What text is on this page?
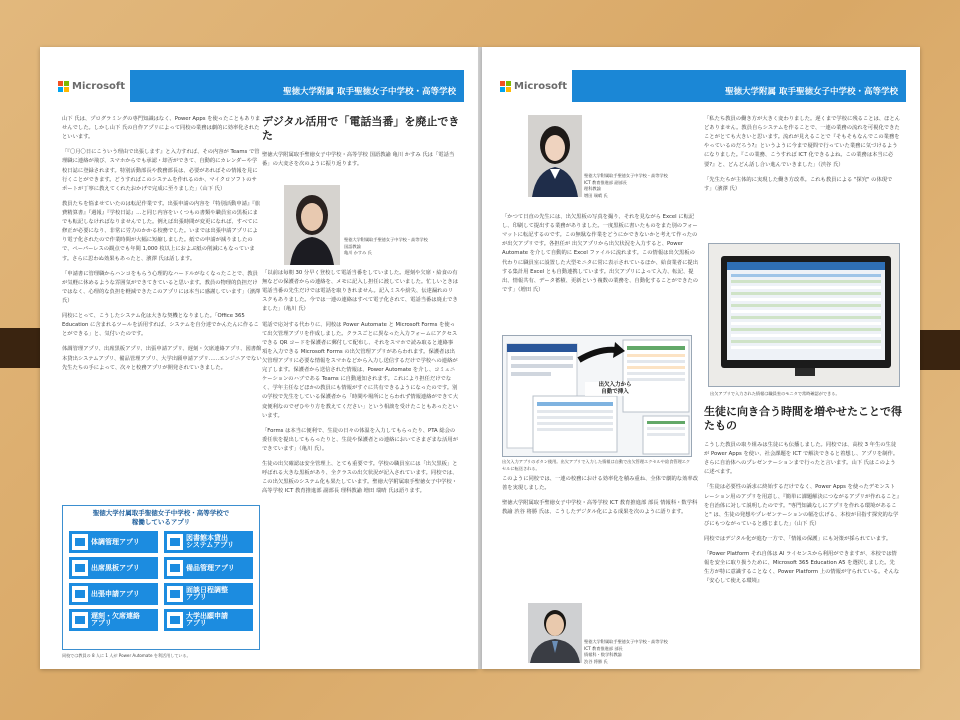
Microsoft
聖徳大学附属 取手聖徳女子中学校・高等学校

山下 氏は、プログラミングの専門知識はなく、Power Apps を使ったこともありませんでした。しかし山下 氏の自作アプリによって同校の業務は劇的に効率化されたといいます。

「『〇月〇日にこういう理由で出張します』と入力すれば、その内容が Teams で管理職に連絡が飛び、スマホからでも承認・却否ができて、自動的にカレンダーや学校日誌に登録されます。特別活動部長や教務部長は、必要があればその情報を見に行くことができます。どうすればこのシステムを作れるのか、マイクロソフトのサポートが丁寧に教えてくれたおかげで完成に至りました」（山下 氏）

教員たちを悩ませていたのは転記作業です。出張申請の内容を『特別活動申請』『旅費精算書』『週報』『学校日誌』…と同じ内容をいくつもの書類や職員室の黒板にまでも転記しなければなりませんでした。例えば出張時間が変更になれば、すべてに修正が必要になり、非常に労力のかかる校務でした。いまでは出張申請アプリにより電子化されたので作業時間が大幅に短縮しました。紙での申請が減りましたので、ペーパーレスの観点でも年間 1,000 枚以上におよぶ紙の削減にもなっています。さらに思わぬ効果もあったと、濱澤 氏は話します。

「申請書に管理職からハンコをもらう心理的なハードルがなくなったことで、教員が気軽に休めるような雰囲気ができてきていると思います。教員の物理的負担だけではなく、心理的な負担を軽減できたこのアプリには本当に感謝しています」（濱澤 氏）

同校にとって、こうしたシステム化は大きな契機となりました。「Office 365 Education に含まれるツールを活用すれば、システムを自分達でかんたんに作ることができる」と、気付いたのです。

体調管理アプリ、出席黒板アプリ、出張申請アプリ、遅刻・欠席連絡アプリ、図書館本貸出システムアプリ、備品管理アプリ、大学出願申請アプリ……エンジニアでない先生たちの手によって、次々と校務アプリが開発されていきました。

聖徳大学付属取手聖徳女子中学校・高等学校で
稼働しているアプリ
体調管理アプリ	図書館本貸出
システムアプリ
出席黒板アプリ	備品管理アプリ
出張申請アプリ	面談日程調整
アプリ
遅刻・欠席連絡
アプリ
大学出願申請
アプリ
同校では教員の 8 人に 1 人が Power Automate を利活用している。
デジタル活用で「電話当番」を廃止できた

聖徳大学附属取手聖徳女子中学校・高等学校 国語教諭 亀川 かすみ 氏は「電話当番」の大変さを次のように振り返ります。

聖徳大学附属取手聖徳女子中学校・高等学校
国語教諭
亀川 かすみ 氏

「以前は毎朝 30 分早く登校して電話当番をしていました。遅刻や欠席・給食の有無などの保護者からの連絡を、メモに記入し担任に渡していました。忙しいときは電話当番の先生だけでは電話を取りきれません。記入ミスや紛失、伝達漏れのリスクもありました。今では一連の連絡はすべて電子化されて、電話当番は廃止できました」（亀川 氏）

電話で応対する代わりに、同校は Power Automate と Microsoft Forms を使って出欠管理アプリを作成しました。クラスごとに異なった入力フォームにアクセスできる QR コードを保護者に郵付して配布し、それをスマホで読み取ると連絡事項を入力できる Microsoft Forms の出欠管理アプリがあらわれます。保護者は出欠管理アプリに必要な情報をスマホなどから入力し送信するだけで学校への連絡が完了します。保護者から送信された情報は、Power Automate を介し、コミュニケーションのハブである Teams に自動通知されます。これにより担任だけでなく、学年主任などほかの教員にも情報がすぐに共有できるようになったのです。別の学校で先生をしている保護者から「時間や場所にとらわれず情報連絡ができて大変便利なのでぜひやり方を教えてください」という相談を受けたこともあったといいます。

「Forms は本当に便利で、生徒の日々の体温を入力してもらったり、PTA 総会の委任状を提出してもらったりと、生徒や保護者との連絡においてさまざまな活用ができています」（亀川 氏）。

生徒の出欠確認は安全管理上、とても重要です。学校の職員室には「出欠黒板」と呼ばれる大きな黒板があり、全クラスの出欠状況が記入されています。同校では、この出欠黒板のシステム化も果たしています。聖徳大学附属取手聖徳女子中学校・高等学校 ICT 教育推進部 副部長 理科教諭 増田 瑞晴 氏は語ります。

Microsoft
聖徳大学附属 取手聖徳女子中学校・高等学校
聖徳大学附属取手聖徳女子中学校・高等学校
ICT 教育推進部 副部長
理科教諭
増田 瑞晴 氏

「かつて日直の先生には、出欠黒板の写真を撮り、それを見ながら Excel に転記し、印刷して提出する業務がありました。一度黒板に書いたものをまた別のフォーマットに転記するのです。この無駄な作業をどうにかできないかと考えて作ったのが出欠アプリです。各担任が 出欠アプリから出欠状況を入力すると、Power Automate を介して自動的に Excel ファイルに流れます。この情報は出欠黒板の代わりに職員室に設置した大型モニタに常に表示されているほか、給食業者に提出する集計用 Excel とも自動連携しています。出欠アプリによって入力、転記、提出、情報共有、データ蓄積、更新という複数の業務を、自動化することができたのです」（増田 氏）

出欠入力から
自動で挿入
出欠入力アプリのボタン使用。出欠アプリで入力した情報は自動で出欠管理エクセルや給食管理エクセルに転送される。

このように同校では、一連の校務における効率化を積み重ね、全体で劇的な効率改善を実現しました。

聖徳大学附属取手聖徳女子中学校・高等学校 ICT 教育推進部 部長 情報科・数学科教諭 渋谷 将勝 氏は、こうしたデジタル化による成果を次のように語ります。

聖徳大学附属取手聖徳女子中学校・高等学校
ICT 教育推進部 部長
情報科・数学科教諭
渋谷 将勝 氏

「私たち教員の働き方が大きく変わりました。遅くまで学校に残ることは、ほとんどありません。教員自らシステムを作ることで、一連の業務の流れを可視化できたことがとても大きいと思います。流れが見えることで『そもそもなんでこの業務をやっているのだろう?』というように今まで疑問で行っていた業務に気づけるようになりました。『この業務、こうすれば ICT 化できるよね。この業務は本当に必要?』と、どんどん話し合い進んでいきました」（渋谷 氏）

「先生たちが主体的に実現した働き方改革。これも教員による "探究" の体現です」（濱澤 氏）

出欠アプリで入力された情報は職員室のモニタで常時確認ができる。
生徒に向き合う時間を増やせたことで得たもの

こうした教員の取り組みは生徒にも伝播しました。同校では、高校 3 年生の生徒が Power Apps を使い、社会課題を ICT で解決できると着想し、アプリを制作。さらに自治体へのプレゼンテーションまで行ったと言います。山下 氏はこのように述べます。

「生徒は必要性の訴求に終始するだけでなく、Power Apps を使ったデモンストレーション用のアプリを用意し、『簡単に課題解決につながるアプリが作れること』を自治体に対して説明したのです。"専門知識なしにアプリを作れる環境があること" は、生徒の発想やプレゼンテーションの幅を広げる、本校が目指す探究的な学びにもつながっていると感じました」（山下 氏）

同校ではデジタル化が進む一方で、「情報の保護」にも対策が採られています。

「Power Platform それ自体は AI ライセンスから利用ができますが、本校では情報を安全に取り扱うために、Microsoft 365 Education A5 を選択しました。先生方が特に意識することなく、Power Platform 上の情報が守られている。そんな『安心して使える環境』
